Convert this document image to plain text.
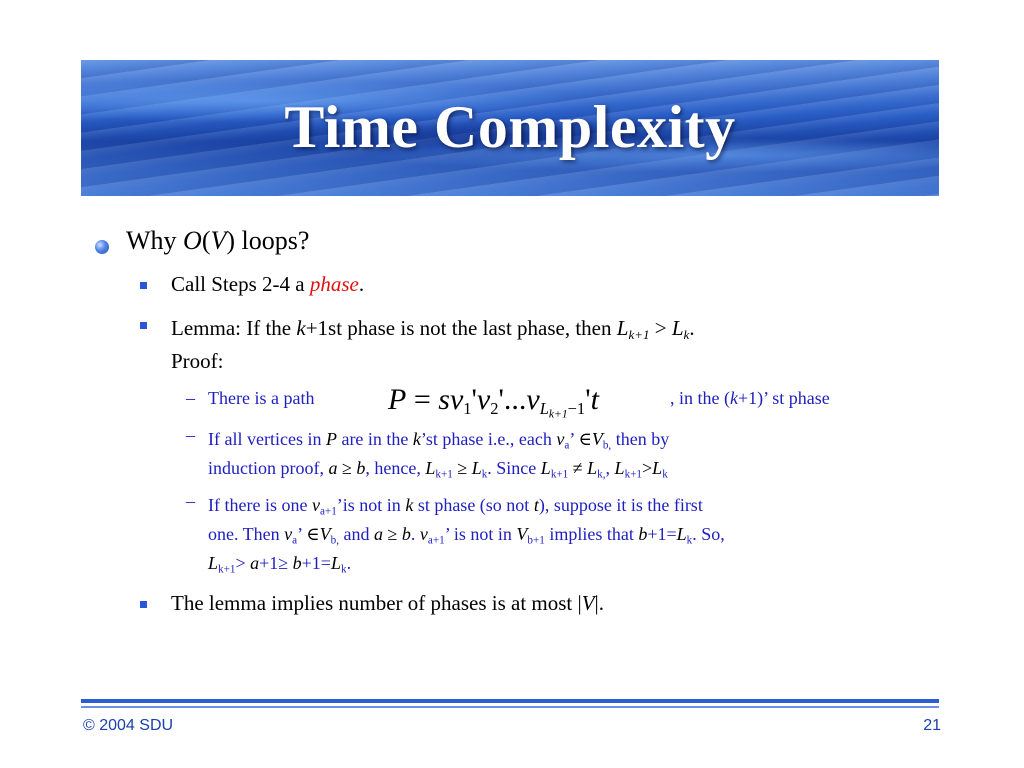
Time Complexity
Why O(V) loops?
Call Steps 2-4 a phase.
Lemma: If the k+1st phase is not the last phase, then $L_{k+1} > L_k$.
Proof:
– There is a path $P = sv_1'v_2'...v_{L_{k+1}-1}'t$	, in the (k+1)’ st phase
– If all vertices in P are in the k’st phase i.e., each $v_a$’ $\in V_{b,}$ then by
induction proof, a ≥ b, hence, $L_{k+1} \ge L_k$. Since $L_{k+1} \ne L_{k,}$, $L_{k+1}>L_k$
– If there is one $v_{a+1}’is$ not in k st phase (so not t), suppose it is the first
one. Then $v_a$’ $\in V_{b,}$ and a ≥ b. $v_{a+1}$’ is not in $V_{b+1}$ implies that $b+1=L_k$. So,
$L_{k+1}> a+1\ge b+1=L_k$.
The lemma implies number of phases is at most |V|.
© 2004 SDU	21
